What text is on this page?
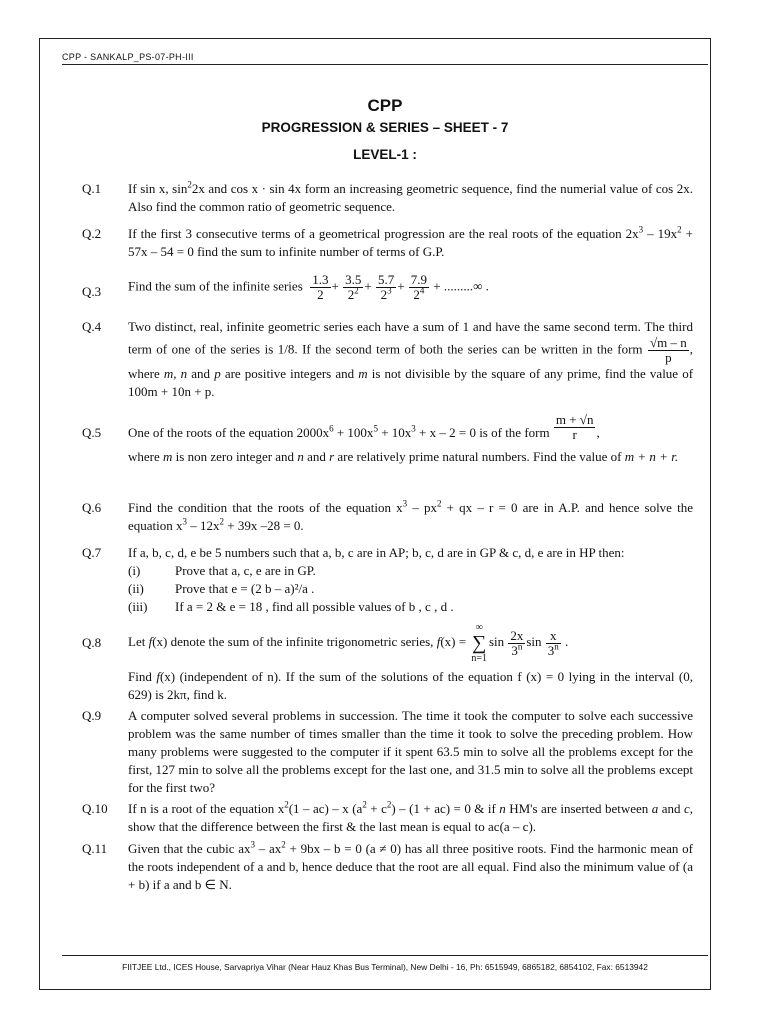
CPP - SANKALP_PS-07-PH-III
CPP
PROGRESSION & SERIES – SHEET - 7
LEVEL-1 :
Q.1	If sin x, $\sin^22x$ and cos x · sin 4x form an increasing geometric sequence, find the numerial value of cos 2x. Also find the common ratio of geometric sequence.
Q.2	If the first 3 consecutive terms of a geometrical progression are the real roots of the equation $2x^3 - 19x^2 + 57x - 54 = 0$ find the sum to infinite number of terms of G.P.
Q.3	Find the sum of the infinite series $\frac{1.3}{2} + \frac{3.5}{2^2} + \frac{5.7}{2^3} + \frac{7.9}{2^4}$ + .........∞ .
Q.4	Two distinct, real, infinite geometric series each have a sum of 1 and have the same second term. The third term of one of the series is 1/8. If the second term of both the series can be written in the form $\frac{√m - n}{p}$ , where m, n and p are positive integers and m is not divisible by the square of any prime, find the value of 100m + 10n + p.
Q.5	One of the roots of the equation $2000x^6 + 100x^5 + 10x^3 + x - 2 = 0$ is of the form $\frac{m + √n}{r}$ ,

where m is non zero integer and n and r are relatively prime natural numbers. Find the value of m + n + r.
Q.6	Find the condition that the roots of the equation $x^3 - px^2$ + qx – r = 0 are in A.P. and hence solve the equation $x^3 - 12x^2 + 39x$ –28 = 0.
Q.7	If a, b, c, d, e be 5 numbers such that a, b, c are in AP; b, c, d are in GP & c, d, e are in HP then:
(i)	Prove that a, c, e are in GP.
(ii) Prove that e = (2 b – a)²/a .
(iii) If a = 2 & e = 18 , find all possible values of b , c , d .
Q.8	Let f(x) denote the sum of the infinite trigonometric series, f(x) = ∞
∑
$n=1\sin \frac{2x}{3^n}$ $\sin \frac{x}{3^n}$ .
Find f(x) (independent of n). If the sum of the solutions of the equation f (x) = 0 lying in the interval (0, 629) is 2kπ, find k.
Q.9	A computer solved several problems in succession. The time it took the computer to solve each successive problem was the same number of times smaller than the time it took to solve the preceding problem. How many problems were suggested to the computer if it spent 63.5 min to solve all the problems except for the first, 127 min to solve all the problems except for the last one, and 31.5 min to solve all the problems except for the first two?
Q.10	If n is a root of the equation $x^2(1 - ac)$ – x $(a^2 + c^2) - (1 + ac) = 0$ & if n HM's are inserted between a and c, show that the difference between the first & the last mean is equal to ac(a – c).
Q.11	Given that the cubic $ax^3 - ax^2 + 9bx - b = 0$ (a ≠ 0) has all three positive roots. Find the harmonic mean of the roots independent of a and b, hence deduce that the root are all equal. Find also the minimum value of (a + b) if a and b ∈ N.
FIITJEE Ltd., ICES House, Sarvapriya Vihar (Near Hauz Khas Bus Terminal), New Delhi - 16, Ph: 6515949, 6865182, 6854102, Fax: 6513942
